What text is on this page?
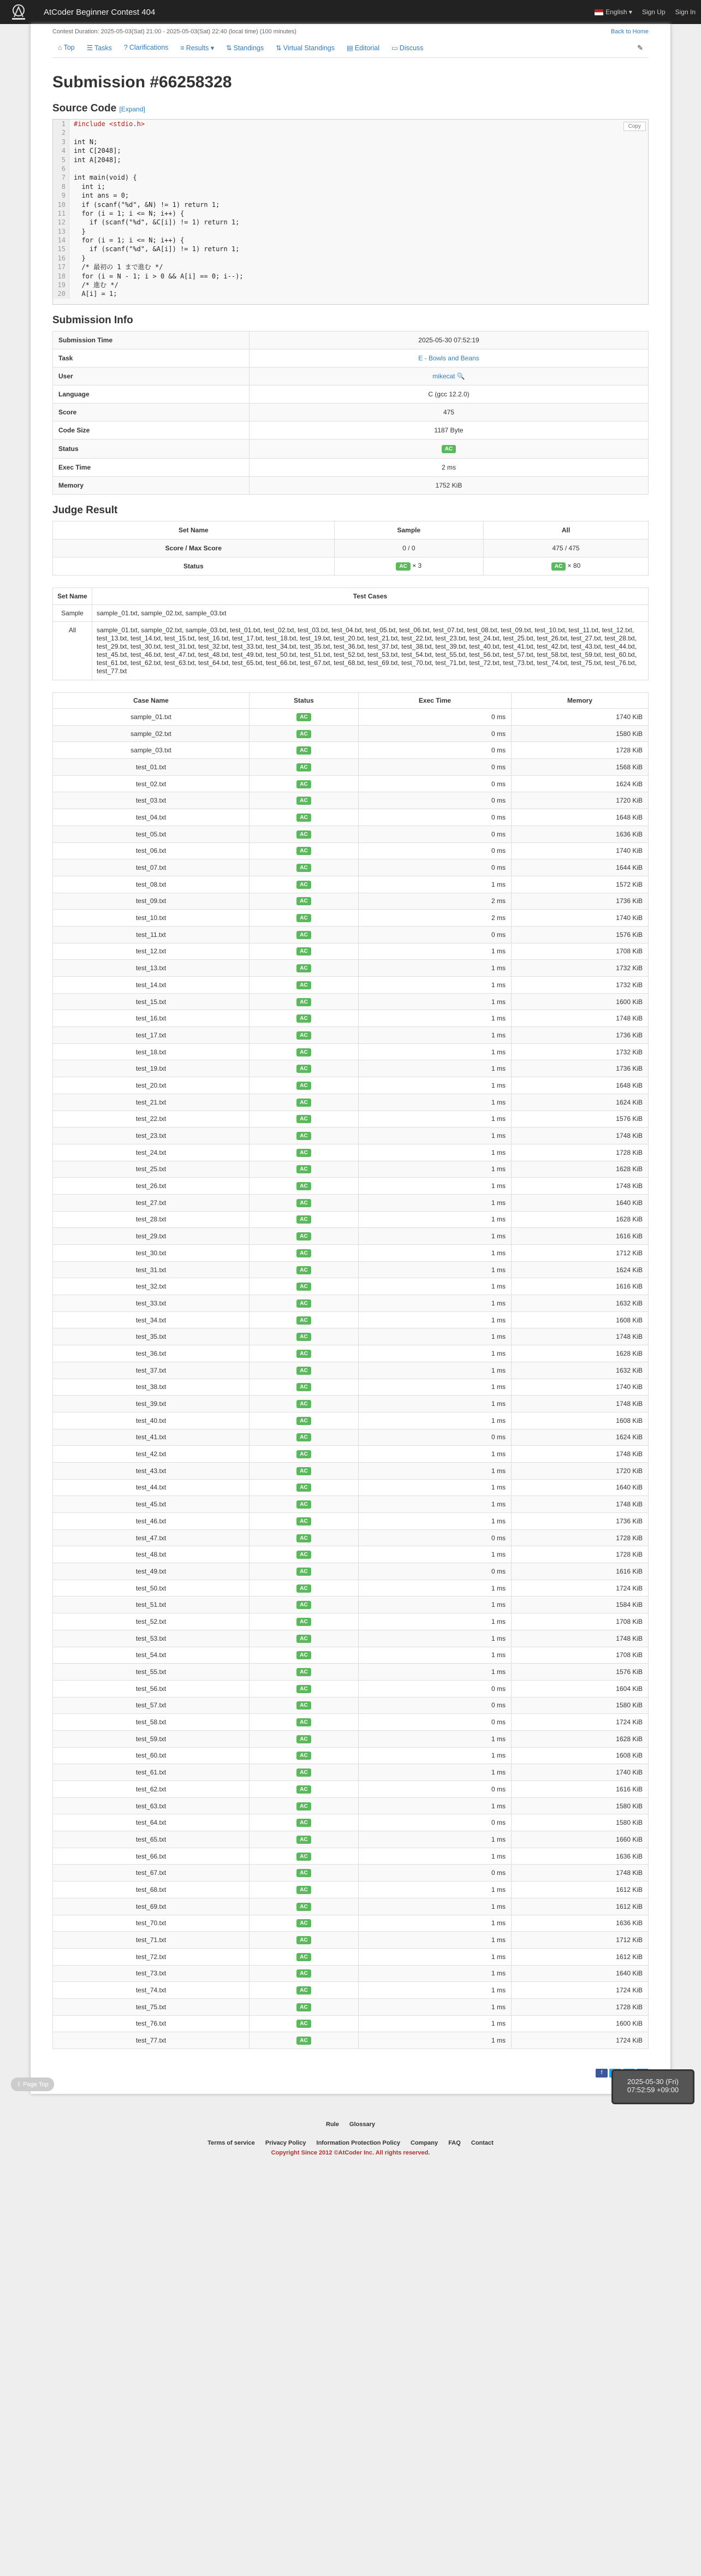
AtCoder Beginner Contest 404	English ▾ Sign Up Sign In
Contest Duration: 2025-05-03(Sat) 21:00 - 2025-05-03(Sat) 22:40 (local time) (100 minutes)	Back to Home
⌂ Top ☰ Tasks ? Clarifications ≡ Results ▾ ⇅ Standings ⇅ Virtual Standings ▤ Editorial ▭ Discuss	✎
Submission #66258328
Source Code [Expand]
Copy
1	#include <stdio.h>
2
3	int N;
4	int C[2048];
5	int A[2048];
6
7	int main(void) {
8	int i;
9	int ans = 0;
10	if (scanf("%d", &N) != 1) return 1;
11	for (i = 1; i <= N; i++) {
12	if (scanf("%d", &C[i]) != 1) return 1;
13	}
14	for (i = 1; i <= N; i++) {
15	if (scanf("%d", &A[i]) != 1) return 1;
16	}
17	/* 最初の 1 まで進む */
18	for (i = N - 1; i > 0 && A[i] == 0; i--);
19	/* 進む */
20	A[i] = 1;
Submission Info
Submission Time	2025-05-30 07:52:19
Task	E - Bowls and Beans
User	mikecat 🔍
Language	C (gcc 12.2.0)
Score	475
Code Size	1187 Byte
Status	AC
Exec Time	2 ms
Memory	1752 KiB
Judge Result
Set Name	Sample	All
Score / Max Score	0 / 0	475 / 475
Status	AC × 3	AC × 80
Set Name	Test Cases
Sample	sample_01.txt, sample_02.txt, sample_03.txt
All	sample_01.txt, sample_02.txt, sample_03.txt, test_01.txt, test_02.txt, test_03.txt, test_04.txt, test_05.txt, test_06.txt, test_07.txt, test_08.txt, test_09.txt, test_10.txt, test_11.txt, test_12.txt, test_13.txt, test_14.txt, test_15.txt, test_16.txt, test_17.txt, test_18.txt, test_19.txt, test_20.txt, test_21.txt, test_22.txt, test_23.txt, test_24.txt, test_25.txt, test_26.txt, test_27.txt, test_28.txt, test_29.txt, test_30.txt, test_31.txt, test_32.txt, test_33.txt, test_34.txt, test_35.txt, test_36.txt, test_37.txt, test_38.txt, test_39.txt, test_40.txt, test_41.txt, test_42.txt, test_43.txt, test_44.txt, test_45.txt, test_46.txt, test_47.txt, test_48.txt, test_49.txt, test_50.txt, test_51.txt, test_52.txt, test_53.txt, test_54.txt, test_55.txt, test_56.txt, test_57.txt, test_58.txt, test_59.txt, test_60.txt, test_61.txt, test_62.txt, test_63.txt, test_64.txt, test_65.txt, test_66.txt, test_67.txt, test_68.txt, test_69.txt, test_70.txt, test_71.txt, test_72.txt, test_73.txt, test_74.txt, test_75.txt, test_76.txt, test_77.txt
Case Name	Status	Exec Time	Memory
sample_01.txt	AC	0 ms	1740 KiB
sample_02.txt	AC	0 ms	1580 KiB
sample_03.txt	AC	0 ms	1728 KiB
test_01.txt	AC	0 ms	1568 KiB
test_02.txt	AC	0 ms	1624 KiB
test_03.txt	AC	0 ms	1720 KiB
test_04.txt	AC	0 ms	1648 KiB
test_05.txt	AC	0 ms	1636 KiB
test_06.txt	AC	0 ms	1740 KiB
test_07.txt	AC	0 ms	1644 KiB
test_08.txt	AC	1 ms	1572 KiB
test_09.txt	AC	2 ms	1736 KiB
test_10.txt	AC	2 ms	1740 KiB
test_11.txt	AC	0 ms	1576 KiB
test_12.txt	AC	1 ms	1708 KiB
test_13.txt	AC	1 ms	1732 KiB
test_14.txt	AC	1 ms	1732 KiB
test_15.txt	AC	1 ms	1600 KiB
test_16.txt	AC	1 ms	1748 KiB
test_17.txt	AC	1 ms	1736 KiB
test_18.txt	AC	1 ms	1732 KiB
test_19.txt	AC	1 ms	1736 KiB
test_20.txt	AC	1 ms	1648 KiB
test_21.txt	AC	1 ms	1624 KiB
test_22.txt	AC	1 ms	1576 KiB
test_23.txt	AC	1 ms	1748 KiB
test_24.txt	AC	1 ms	1728 KiB
test_25.txt	AC	1 ms	1628 KiB
test_26.txt	AC	1 ms	1748 KiB
test_27.txt	AC	1 ms	1640 KiB
test_28.txt	AC	1 ms	1628 KiB
test_29.txt	AC	1 ms	1616 KiB
test_30.txt	AC	1 ms	1712 KiB
test_31.txt	AC	1 ms	1624 KiB
test_32.txt	AC	1 ms	1616 KiB
test_33.txt	AC	1 ms	1632 KiB
test_34.txt	AC	1 ms	1608 KiB
test_35.txt	AC	1 ms	1748 KiB
test_36.txt	AC	1 ms	1628 KiB
test_37.txt	AC	1 ms	1632 KiB
test_38.txt	AC	1 ms	1740 KiB
test_39.txt	AC	1 ms	1748 KiB
test_40.txt	AC	1 ms	1608 KiB
test_41.txt	AC	0 ms	1624 KiB
test_42.txt	AC	1 ms	1748 KiB
test_43.txt	AC	1 ms	1720 KiB
test_44.txt	AC	1 ms	1640 KiB
test_45.txt	AC	1 ms	1748 KiB
test_46.txt	AC	1 ms	1736 KiB
test_47.txt	AC	0 ms	1728 KiB
test_48.txt	AC	1 ms	1728 KiB
test_49.txt	AC	0 ms	1616 KiB
test_50.txt	AC	1 ms	1724 KiB
test_51.txt	AC	1 ms	1584 KiB
test_52.txt	AC	1 ms	1708 KiB
test_53.txt	AC	1 ms	1748 KiB
test_54.txt	AC	1 ms	1708 KiB
test_55.txt	AC	1 ms	1576 KiB
test_56.txt	AC	0 ms	1604 KiB
test_57.txt	AC	0 ms	1580 KiB
test_58.txt	AC	0 ms	1724 KiB
test_59.txt	AC	1 ms	1628 KiB
test_60.txt	AC	1 ms	1608 KiB
test_61.txt	AC	1 ms	1740 KiB
test_62.txt	AC	0 ms	1616 KiB
test_63.txt	AC	1 ms	1580 KiB
test_64.txt	AC	0 ms	1580 KiB
test_65.txt	AC	1 ms	1660 KiB
test_66.txt	AC	1 ms	1636 KiB
test_67.txt	AC	0 ms	1748 KiB
test_68.txt	AC	1 ms	1612 KiB
test_69.txt	AC	1 ms	1612 KiB
test_70.txt	AC	1 ms	1636 KiB
test_71.txt	AC	1 ms	1712 KiB
test_72.txt	AC	1 ms	1612 KiB
test_73.txt	AC	1 ms	1640 KiB
test_74.txt	AC	1 ms	1724 KiB
test_75.txt	AC	1 ms	1728 KiB
test_76.txt	AC	1 ms	1600 KiB
test_77.txt	AC	1 ms	1724 KiB
f
Rule Glossary
Terms of service Privacy Policy Information Protection Policy Company FAQ Contact
Copyright Since 2012 ©AtCoder Inc. All rights reserved.
⇧ Page Top	2025-05-30 (Fri)
07:52:59 +09:00
